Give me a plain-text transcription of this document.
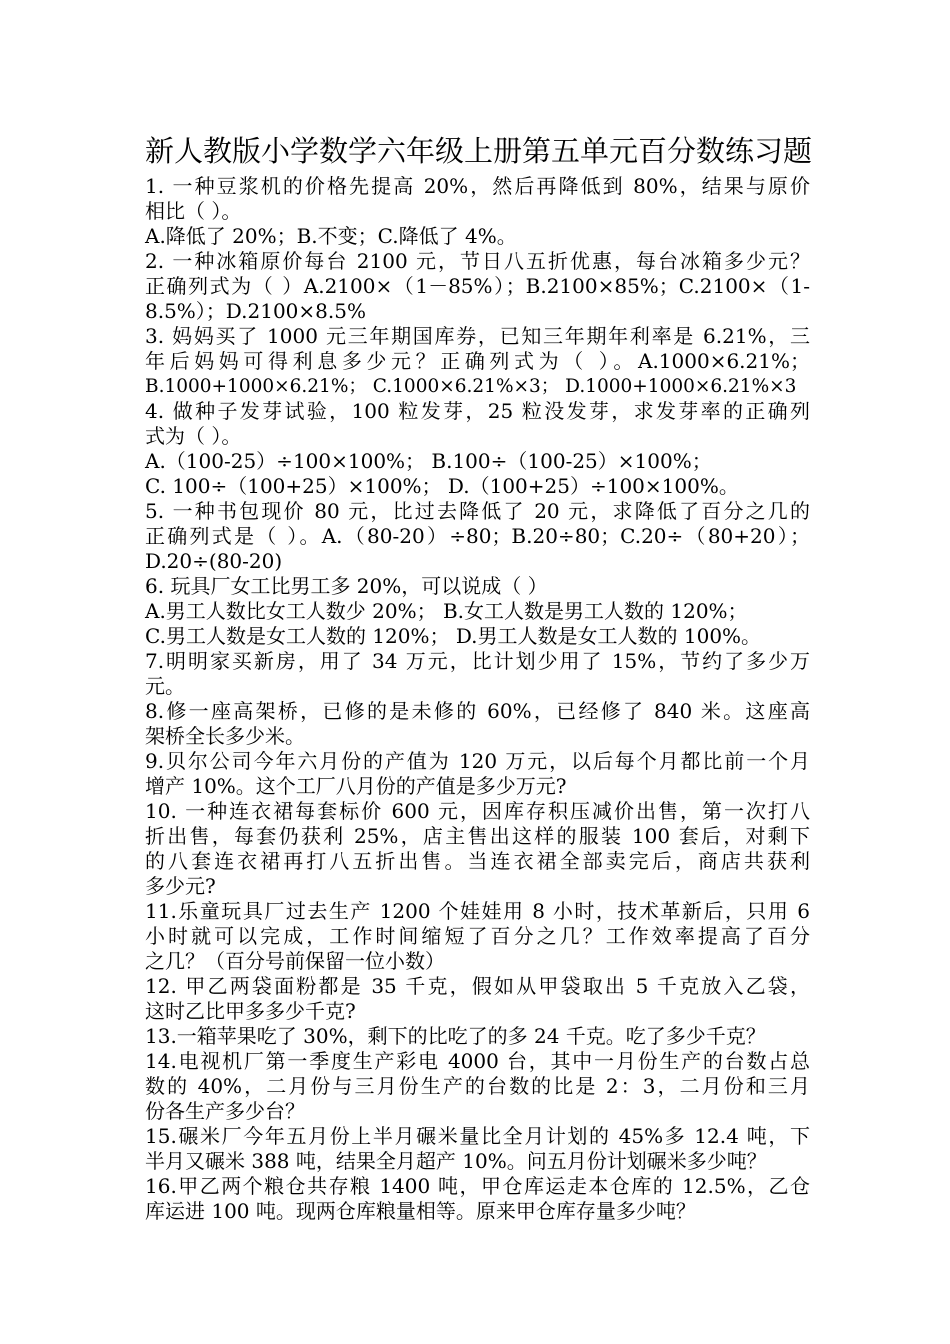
新人教版小学数学六年级上册第五单元百分数练习题
1. 一种豆浆机的价格先提高 20%，然后再降低到 80%，结果与原价
相比（ ）。
A.降低了 20%；B.不变；C.降低了 4%。
2. 一种冰箱原价每台 2100 元，节日八五折优惠，每台冰箱多少元？
正确列式为（ ）A.2100×（1－85%）；B.2100×85%；C.2100×（1-
8.5%）；D.2100×8.5%
3. 妈妈买了 1000 元三年期国库券，已知三年期年利率是 6.21%，三
年后妈妈可得利息多少元？正确列式为（ ）。A.1000×6.21%；
B.1000+1000×6.21%； C.1000×6.21%×3； D.1000+1000×6.21%×3
4. 做种子发芽试验，100 粒发芽，25 粒没发芽，求发芽率的正确列
式为（ ）。
A.（100-25）÷100×100%； B.100÷（100-25）×100%；
C. 100÷（100+25）×100%； D.（100+25）÷100×100%。
5. 一种书包现价 80 元，比过去降低了 20 元，求降低了百分之几的
正确列式是（ ）。A.（80-20）÷80；B.20÷80；C.20÷（80+20）；
D.20÷(80-20)
6. 玩具厂女工比男工多 20%，可以说成（ ）
A.男工人数比女工人数少 20%； B.女工人数是男工人数的 120%；
C.男工人数是女工人数的 120%； D.男工人数是女工人数的 100%。
7.明明家买新房，用了 34 万元，比计划少用了 15%，节约了多少万
元。
8.修一座高架桥，已修的是未修的 60%，已经修了 840 米。这座高
架桥全长多少米。
9.贝尔公司今年六月份的产值为 120 万元，以后每个月都比前一个月
增产 10%。这个工厂八月份的产值是多少万元?
10. 一种连衣裙每套标价 600 元，因库存积压减价出售，第一次打八
折出售，每套仍获利 25%，店主售出这样的服装 100 套后，对剩下
的八套连衣裙再打八五折出售。当连衣裙全部卖完后，商店共获利
多少元?
11.乐童玩具厂过去生产 1200 个娃娃用 8 小时，技术革新后，只用 6
小时就可以完成，工作时间缩短了百分之几？工作效率提高了百分
之几？（百分号前保留一位小数）
12. 甲乙两袋面粉都是 35 千克，假如从甲袋取出 5 千克放入乙袋，
这时乙比甲多多少千克?
13.一箱苹果吃了 30%，剩下的比吃了的多 24 千克。吃了多少千克？
14.电视机厂第一季度生产彩电 4000 台，其中一月份生产的台数占总
数的 40%，二月份与三月份生产的台数的比是 2：3，二月份和三月
份各生产多少台？
15.碾米厂今年五月份上半月碾米量比全月计划的 45%多 12.4 吨，下
半月又碾米 388 吨，结果全月超产 10%。问五月份计划碾米多少吨？
16.甲乙两个粮仓共存粮 1400 吨，甲仓库运走本仓库的 12.5%，乙仓
库运进 100 吨。现两仓库粮量相等。原来甲仓库存量多少吨？
